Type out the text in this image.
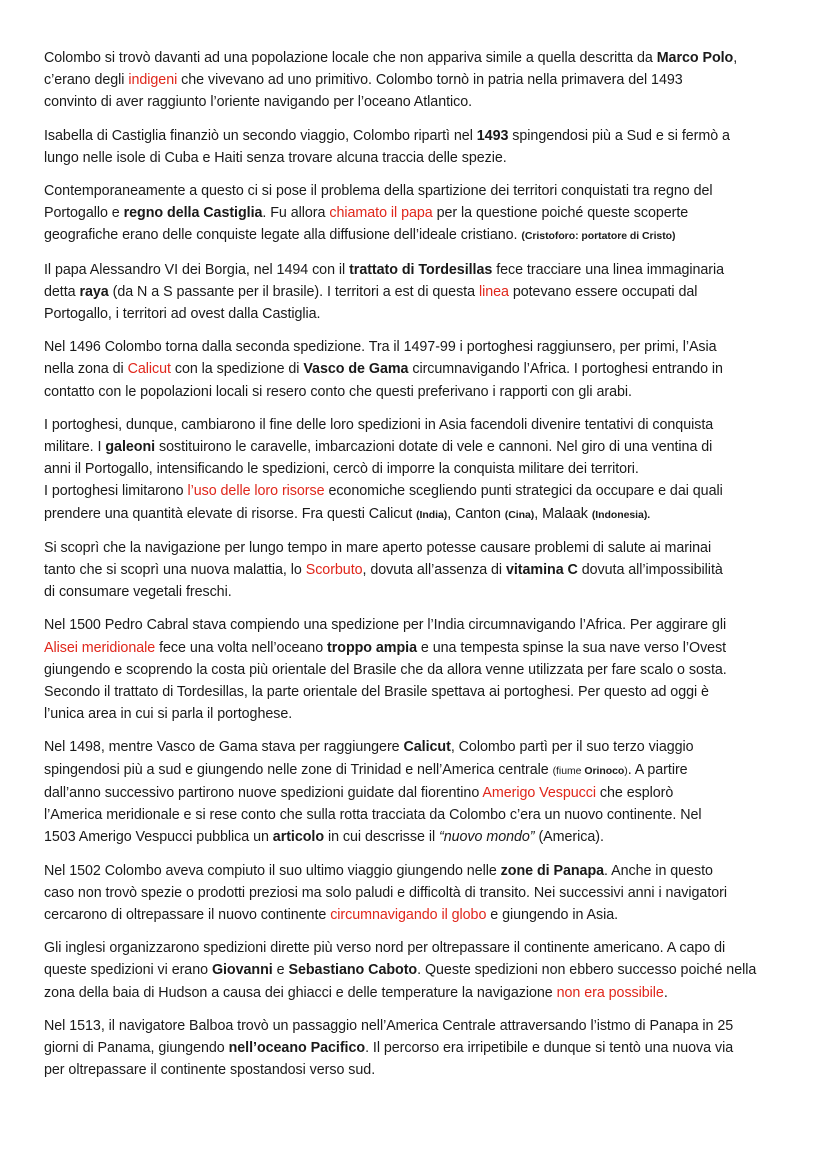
Colombo si trovò davanti ad una popolazione locale che non appariva simile a quella descritta da Marco Polo,
c’erano degli indigeni che vivevano ad uno primitivo. Colombo tornò in patria nella primavera del 1493
convinto di aver raggiunto l’oriente navigando per l’oceano Atlantico.

Isabella di Castiglia finanziò un secondo viaggio, Colombo ripartì nel 1493 spingendosi più a Sud e si fermò a
lungo nelle isole di Cuba e Haiti senza trovare alcuna traccia delle spezie.

Contemporaneamente a questo ci si pose il problema della spartizione dei territori conquistati tra regno del
Portogallo e regno della Castiglia. Fu allora chiamato il papa per la questione poiché queste scoperte
geografiche erano delle conquiste legate alla diffusione dell’ideale cristiano. (Cristoforo: portatore di Cristo)

Il papa Alessandro VI dei Borgia, nel 1494 con il trattato di Tordesillas fece tracciare una linea immaginaria
detta raya (da N a S passante per il brasile). I territori a est di questa linea potevano essere occupati dal
Portogallo, i territori ad ovest dalla Castiglia.

Nel 1496 Colombo torna dalla seconda spedizione. Tra il 1497-99 i portoghesi raggiunsero, per primi, l’Asia
nella zona di Calicut con la spedizione di Vasco de Gama circumnavigando l’Africa. I portoghesi entrando in
contatto con le popolazioni locali si resero conto che questi preferivano i rapporti con gli arabi.

I portoghesi, dunque, cambiarono il fine delle loro spedizioni in Asia facendoli divenire tentativi di conquista
militare. I galeoni sostituirono le caravelle, imbarcazioni dotate di vele e cannoni. Nel giro di una ventina di
anni il Portogallo, intensificando le spedizioni, cercò di imporre la conquista militare dei territori.
I portoghesi limitarono l’uso delle loro risorse economiche scegliendo punti strategici da occupare e dai quali
prendere una quantità elevate di risorse. Fra questi Calicut (India), Canton (Cina), Malaak (Indonesia).

Si scoprì che la navigazione per lungo tempo in mare aperto potesse causare problemi di salute ai marinai
tanto che si scoprì una nuova malattia, lo Scorbuto, dovuta all’assenza di vitamina C dovuta all’impossibilità
di consumare vegetali freschi.

Nel 1500 Pedro Cabral stava compiendo una spedizione per l’India circumnavigando l’Africa. Per aggirare gli
Alisei meridionale fece una volta nell’oceano troppo ampia e una tempesta spinse la sua nave verso l’Ovest
giungendo e scoprendo la costa più orientale del Brasile che da allora venne utilizzata per fare scalo o sosta.
Secondo il trattato di Tordesillas, la parte orientale del Brasile spettava ai portoghesi. Per questo ad oggi è
l’unica area in cui si parla il portoghese.

Nel 1498, mentre Vasco de Gama stava per raggiungere Calicut, Colombo partì per il suo terzo viaggio
spingendosi più a sud e giungendo nelle zone di Trinidad e nell’America centrale (fiume Orinoco). A partire
dall’anno successivo partirono nuove spedizioni guidate dal fiorentino Amerigo Vespucci che esplorò
l’America meridionale e si rese conto che sulla rotta tracciata da Colombo c’era un nuovo continente. Nel
1503 Amerigo Vespucci pubblica un articolo in cui descrisse il “nuovo mondo” (America).

Nel 1502 Colombo aveva compiuto il suo ultimo viaggio giungendo nelle zone di Panapa. Anche in questo
caso non trovò spezie o prodotti preziosi ma solo paludi e difficoltà di transito. Nei successivi anni i navigatori
cercarono di oltrepassare il nuovo continente circumnavigando il globo e giungendo in Asia.

Gli inglesi organizzarono spedizioni dirette più verso nord per oltrepassare il continente americano. A capo di
queste spedizioni vi erano Giovanni e Sebastiano Caboto. Queste spedizioni non ebbero successo poiché nella
zona della baia di Hudson a causa dei ghiacci e delle temperature la navigazione non era possibile.

Nel 1513, il navigatore Balboa trovò un passaggio nell’America Centrale attraversando l’istmo di Panapa in 25
giorni di Panama, giungendo nell’oceano Pacifico. Il percorso era irripetibile e dunque si tentò una nuova via
per oltrepassare il continente spostandosi verso sud.
